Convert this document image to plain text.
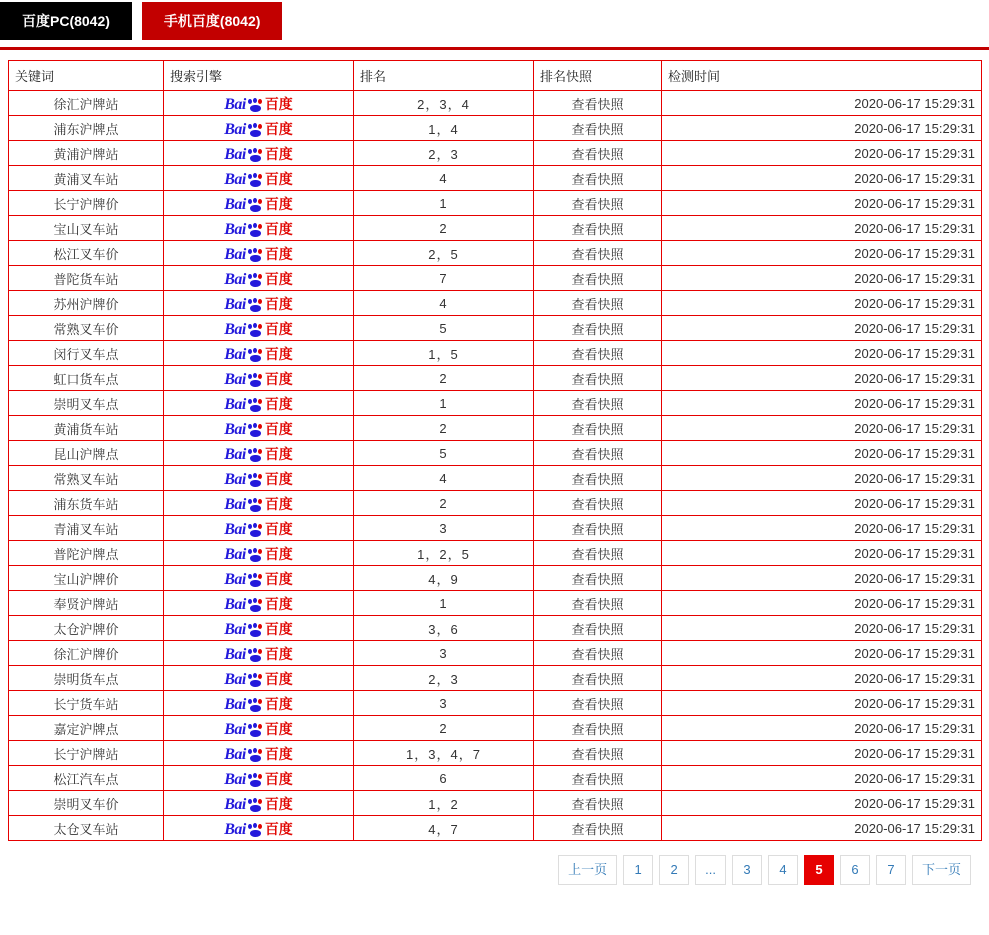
百度PC(8042)	手机百度(8042)
关键词	搜索引擎	排名	排名快照	检测时间
徐汇沪牌站	Bai 百度	2，3，4	查看快照	2020-06-17 15:29:31
浦东沪牌点	Bai 百度	1，4	查看快照	2020-06-17 15:29:31
黄浦沪牌站	Bai 百度	2，3	查看快照	2020-06-17 15:29:31
黄浦叉车站	Bai 百度	4	查看快照	2020-06-17 15:29:31
长宁沪牌价	Bai 百度	1	查看快照	2020-06-17 15:29:31
宝山叉车站	Bai 百度	2	查看快照	2020-06-17 15:29:31
松江叉车价	Bai 百度	2，5	查看快照	2020-06-17 15:29:31
普陀货车站	Bai 百度	7	查看快照	2020-06-17 15:29:31
苏州沪牌价	Bai 百度	4	查看快照	2020-06-17 15:29:31
常熟叉车价	Bai 百度	5	查看快照	2020-06-17 15:29:31
闵行叉车点	Bai 百度	1，5	查看快照	2020-06-17 15:29:31
虹口货车点	Bai 百度	2	查看快照	2020-06-17 15:29:31
崇明叉车点	Bai 百度	1	查看快照	2020-06-17 15:29:31
黄浦货车站	Bai 百度	2	查看快照	2020-06-17 15:29:31
昆山沪牌点	Bai 百度	5	查看快照	2020-06-17 15:29:31
常熟叉车站	Bai 百度	4	查看快照	2020-06-17 15:29:31
浦东货车站	Bai 百度	2	查看快照	2020-06-17 15:29:31
青浦叉车站	Bai 百度	3	查看快照	2020-06-17 15:29:31
普陀沪牌点	Bai 百度	1，2，5	查看快照	2020-06-17 15:29:31
宝山沪牌价	Bai 百度	4，9	查看快照	2020-06-17 15:29:31
奉贤沪牌站	Bai 百度	1	查看快照	2020-06-17 15:29:31
太仓沪牌价	Bai 百度	3，6	查看快照	2020-06-17 15:29:31
徐汇沪牌价	Bai 百度	3	查看快照	2020-06-17 15:29:31
崇明货车点	Bai 百度	2，3	查看快照	2020-06-17 15:29:31
长宁货车站	Bai 百度	3	查看快照	2020-06-17 15:29:31
嘉定沪牌点	Bai 百度	2	查看快照	2020-06-17 15:29:31
长宁沪牌站	Bai 百度	1，3，4，7	查看快照	2020-06-17 15:29:31
松江汽车点	Bai 百度	6	查看快照	2020-06-17 15:29:31
崇明叉车价	Bai 百度	1，2	查看快照	2020-06-17 15:29:31
太仓叉车站	Bai 百度	4，7	查看快照	2020-06-17 15:29:31
上一页	1	2	...	3	4	5	6	7	下一页
